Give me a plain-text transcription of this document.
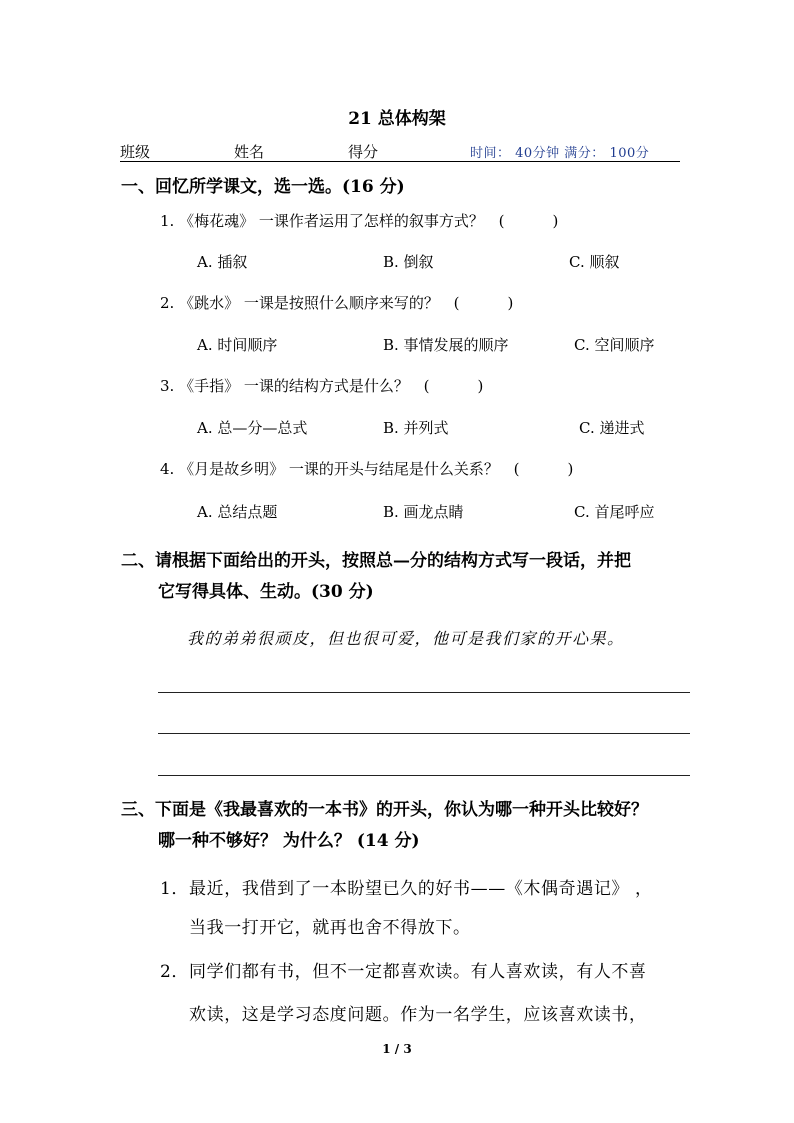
21 总体构架
班级	姓名	得分	时间： 40分钟 满分： 100分
一、回忆所学课文，选一选。(16 分)
1. 《梅花魂》 一课作者运用了怎样的叙事方式？ (	)
A. 插叙	B. 倒叙	C. 顺叙
2. 《跳水》 一课是按照什么顺序来写的？ (	)
A. 时间顺序	B. 事情发展的顺序	C. 空间顺序
3. 《手指》 一课的结构方式是什么？ (	)
A. 总—分—总式	B. 并列式	C. 递进式
4. 《月是故乡明》 一课的开头与结尾是什么关系？ (	)
A. 总结点题	B. 画龙点睛	C. 首尾呼应
二、请根据下面给出的开头，按照总—分的结构方式写一段话，并把
它写得具体、生动。(30 分)
我的弟弟很顽皮，但也很可爱，他可是我们家的开心果。
三、下面是《我最喜欢的一本书》的开头，你认为哪一种开头比较好？
哪一种不够好？ 为什么？ (14 分)
1．最近，我借到了一本盼望已久的好书——《木偶奇遇记》 ，
当我一打开它，就再也舍不得放下。
2．同学们都有书，但不一定都喜欢读。有人喜欢读，有人不喜
欢读，这是学习态度问题。作为一名学生，应该喜欢读书，
1 / 3
